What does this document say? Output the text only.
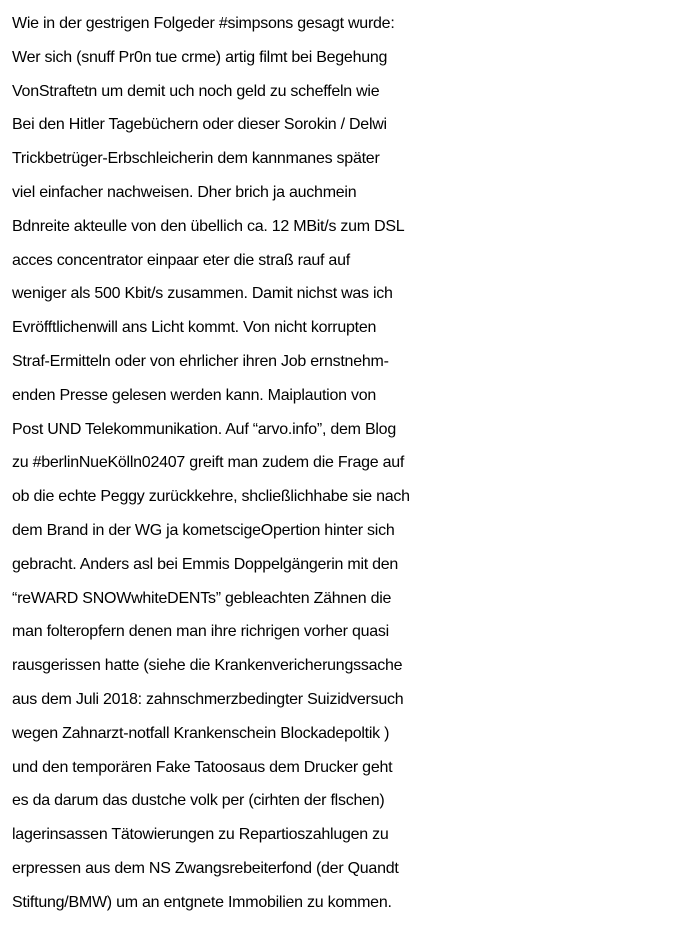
Wie in der gestrigen Folgeder #simpsons gesagt wurde:
Wer sich (snuff Pr0n tue crme) artig filmt bei Begehung
VonStraftetn um demit uch noch geld zu scheffeln wie
Bei den Hitler Tagebüchern oder dieser Sorokin / Delwi
Trickbetrüger-Erbschleicherin dem kannmanes später
viel einfacher nachweisen. Dher brich ja auchmein
Bdnreite akteulle von den übellich ca. 12 MBit/s zum DSL
acces concentrator einpaar eter die straß rauf auf
weniger als 500 Kbit/s zusammen. Damit nichst was ich
Evröfftlichenwill ans Licht kommt. Von nicht korrupten
Straf-Ermitteln oder von ehrlicher ihren Job ernstnehm-
enden Presse gelesen werden kann. Maiplaution von
Post UND Telekommunikation. Auf “arvo.info”, dem Blog
zu #berlinNueKölln02407 greift man zudem die Frage auf
ob die echte Peggy zurückkehre, shcließlichhabe sie nach
dem Brand in der WG ja kometscigeOpertion hinter sich
gebracht. Anders asl bei Emmis Doppelgängerin mit den
“reWARD SNOWwhiteDENTs” gebleachten Zähnen die
man folteropfern denen man ihre richrigen vorher quasi
rausgerissen hatte (siehe die Krankenvericherungssache
aus dem Juli 2018: zahnschmerzbedingter Suizidversuch
wegen Zahnarzt-notfall Krankenschein Blockadepoltik )
und den temporären Fake Tatoosaus dem Drucker geht
es da darum das dustche volk per (cirhten der flschen)
lagerinsassen Tätowierungen zu Repartioszahlugen zu
erpressen aus dem NS Zwangsrebeiterfond (der Quandt
Stiftung/BMW) um an entgnete Immobilien zu kommen.
